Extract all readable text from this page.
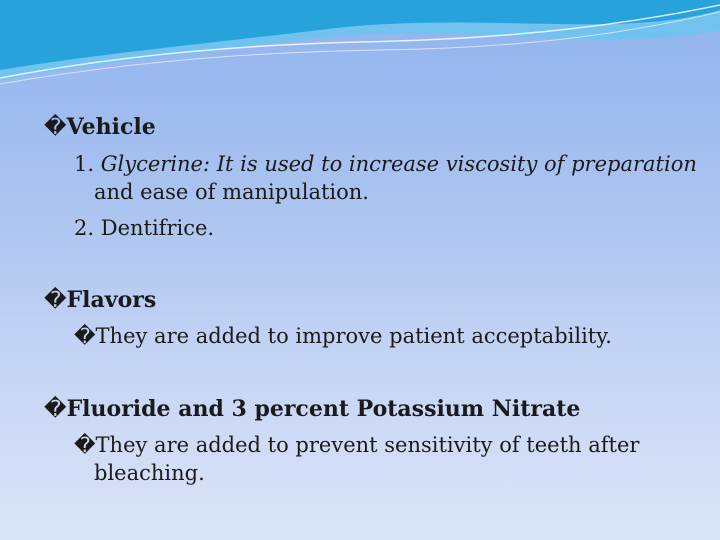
�Vehicle
1. Glycerine: It is used to increase viscosity of preparation
and ease of manipulation.
2. Dentifrice.
�Flavors
�They are added to improve patient acceptability.
�Fluoride and 3 percent Potassium Nitrate
�They are added to prevent sensitivity of teeth after
bleaching.
